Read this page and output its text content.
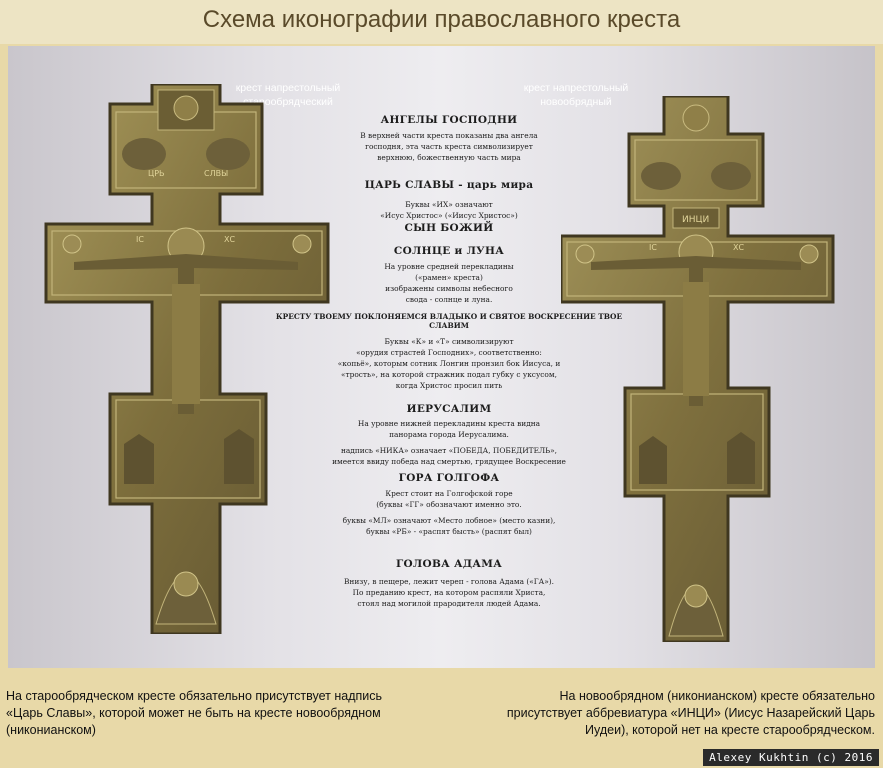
Схема иконографии православного креста
крест напрестольный
старообрядческий
крест напрестольный
новообрядный
ЦРЬ	СЛВЫ
IC	ХС
ИНЦИ
IC	ХС
АНГЕЛЫ ГОСПОДНИ
В верхней части креста показаны два ангела
господня, эта часть креста символизирует
верхнюю, божественную часть мира
ЦАРЬ СЛАВЫ - царь мира
Буквы «ИХ» означают
«Исус Христос» («Иисус Христос»)
СЫН БОЖИЙ
СОЛНЦЕ и ЛУНА
На уровне средней перекладины
(«рамен» креста)
изображены символы небесного
свода - солнце и луна.
КРЕСТУ ТВОЕМУ ПОКЛОНЯЕМСЯ ВЛАДЫКО И СВЯТОЕ ВОСКРЕСЕНИЕ ТВОЕ СЛАВИМ
Буквы «К» и «Т» символизируют
«орудия страстей Господних», соответственно:
«копьё», которым сотник Лонгин пронзил бок Иисуса, и
«трость», на которой стражник подал губку с уксусом,
когда Христос просил пить
ИЕРУСАЛИМ
На уровне нижней перекладины креста видна
панорама города Иерусалима.
надпись «НИКА» означает «ПОБЕДА, ПОБЕДИТЕЛЬ»,
имеется ввиду победа над смертью, грядущее Воскресение
ГОРА ГОЛГОФА
Крест стоит на Голгофской горе
(буквы «ГГ» обозначают именно это.
буквы «МЛ» означают «Место лобное» (место казни),
буквы «РБ» - «распят бысть» (распят был)
ГОЛОВА АДАМА
Внизу, в пещере, лежит череп - голова Адама («ГА»).
По преданию крест, на котором распяли Христа,
стоял над могилой прародителя людей Адама.
На старообрядческом кресте обязательно присутствует надпись
«Царь Славы», которой может не быть на кресте новообрядном
(никонианском)
На новообрядном (никонианском) кресте обязательно
присутствует аббревиатура «ИНЦИ» (Иисус Назарейский Царь
Иудеи), которой нет на кресте старообрядческом.
Alexey Kukhtin (c) 2016
